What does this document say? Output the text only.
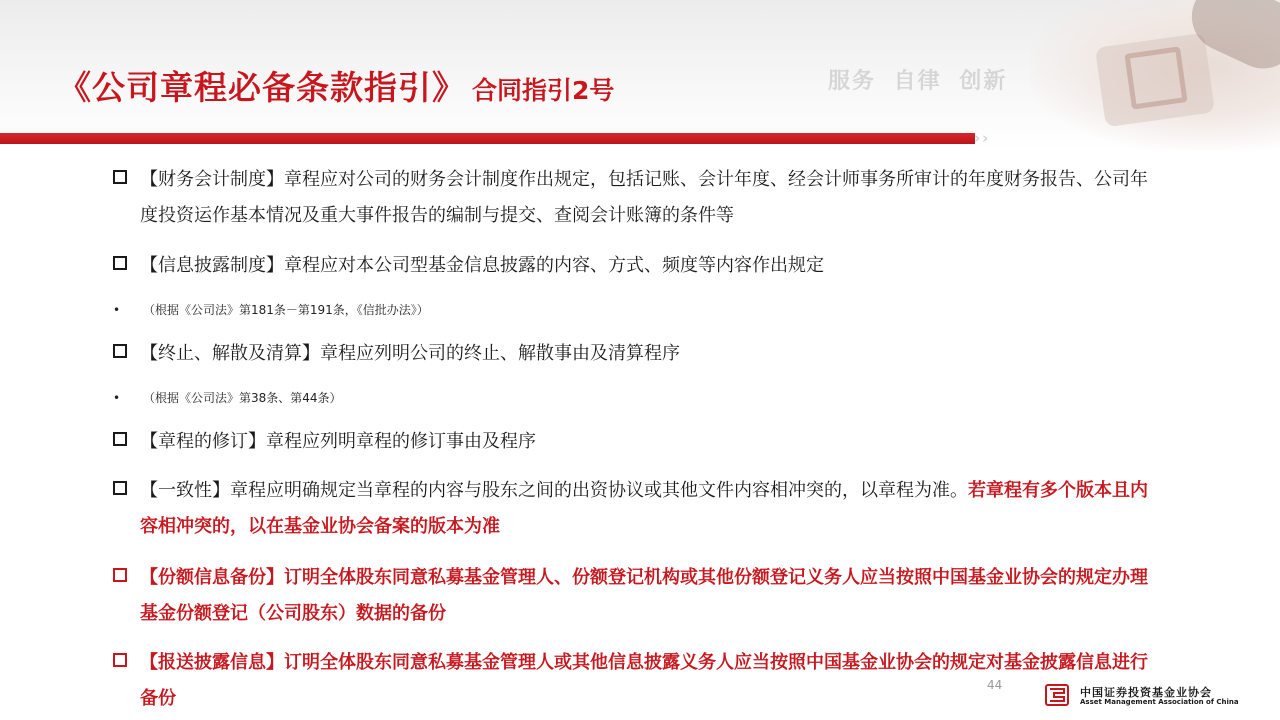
《公司章程必备条款指引》 合同指引2号	服务 自律 创新
› ›
【财务会计制度】章程应对公司的财务会计制度作出规定，包括记账、会计年度、经会计师事务所审计的年度财务报告、公司年度投资运作基本情况及重大事件报告的编制与提交、查阅会计账簿的条件等
【信息披露制度】章程应对本公司型基金信息披露的内容、方式、频度等内容作出规定
• （根据《公司法》第181条－第191条，《信批办法》）
【终止、解散及清算】章程应列明公司的终止、解散事由及清算程序
• （根据《公司法》第38条、第44条）
【章程的修订】章程应列明章程的修订事由及程序
【一致性】章程应明确规定当章程的内容与股东之间的出资协议或其他文件内容相冲突的，以章程为准。若章程有多个版本且内容相冲突的，以在基金业协会备案的版本为准
【份额信息备份】订明全体股东同意私募基金管理人、份额登记机构或其他份额登记义务人应当按照中国基金业协会的规定办理基金份额登记（公司股东）数据的备份
【报送披露信息】订明全体股东同意私募基金管理人或其他信息披露义务人应当按照中国基金业协会的规定对基金披露信息进行备份
44
中国证券投资基金业协会
Asset Management Association of China
